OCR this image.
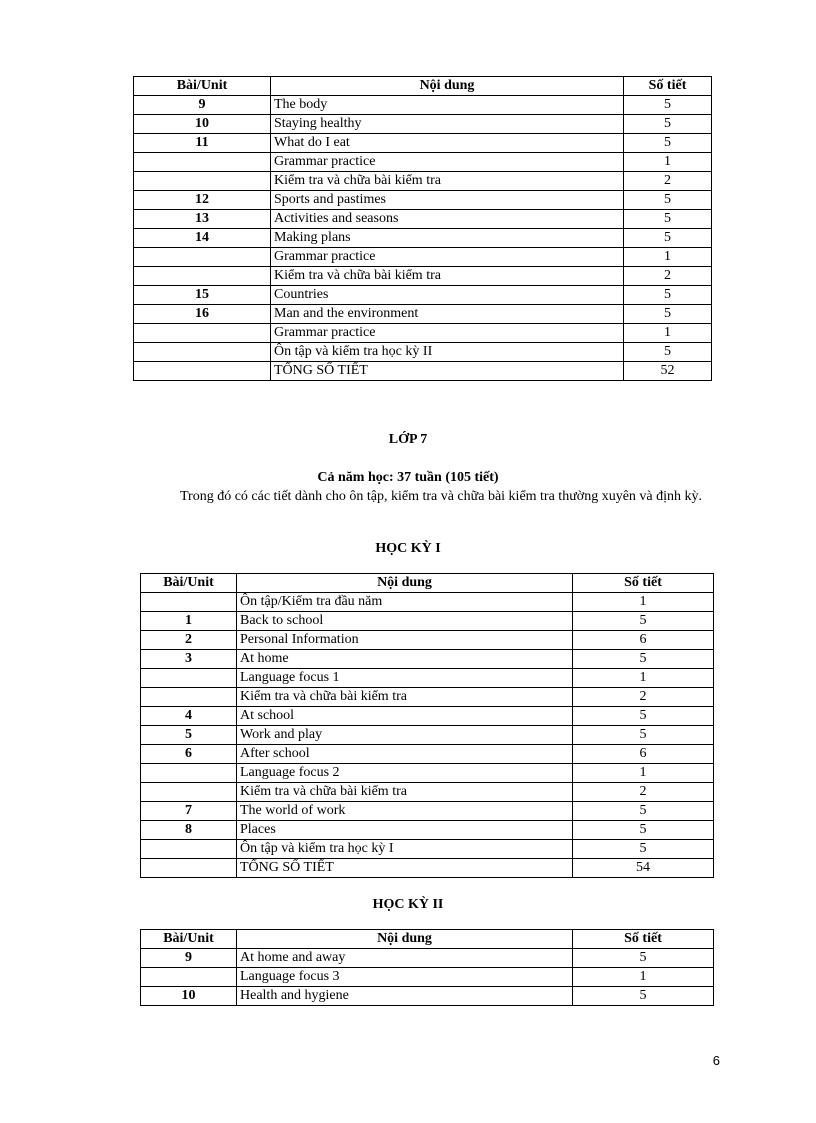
Bài/Unit	Nội dung	Số tiết
9	The body	5
10	Staying healthy	5
11	What do I eat	5
	Grammar practice	1
	Kiểm tra và chữa bài kiểm tra	2
12	Sports and pastimes	5
13	Activities and seasons	5
14	Making plans	5
	Grammar practice	1
	Kiểm tra và chữa bài kiểm tra	2
15	Countries	5
16	Man and the environment	5
	Grammar practice	1
	Ôn tập và kiểm tra học kỳ II	5
	TỔNG SỐ TIẾT	52
LỚP 7
Cả năm học: 37 tuần (105 tiết)
Trong đó có các tiết dành cho ôn tập, kiểm tra và chữa bài kiểm tra thường xuyên và định kỳ.
HỌC KỲ I
Bài/Unit	Nội dung	Số tiết
	Ôn tập/Kiểm tra đầu năm	1
1	Back to school	5
2	Personal Information	6
3	At home	5
	Language focus 1	1
	Kiểm tra và chữa bài kiểm tra	2
4	At school	5
5	Work and play	5
6	After school	6
	Language focus 2	1
	Kiểm tra và chữa bài kiểm tra	2
7	The world of work	5
8	Places	5
	Ôn tập và kiểm tra học kỳ I	5
	TỔNG SỐ TIẾT	54
HỌC KỲ II
Bài/Unit	Nội dung	Số tiết
9	At home and away	5
	Language focus 3	1
10	Health and hygiene	5
6
